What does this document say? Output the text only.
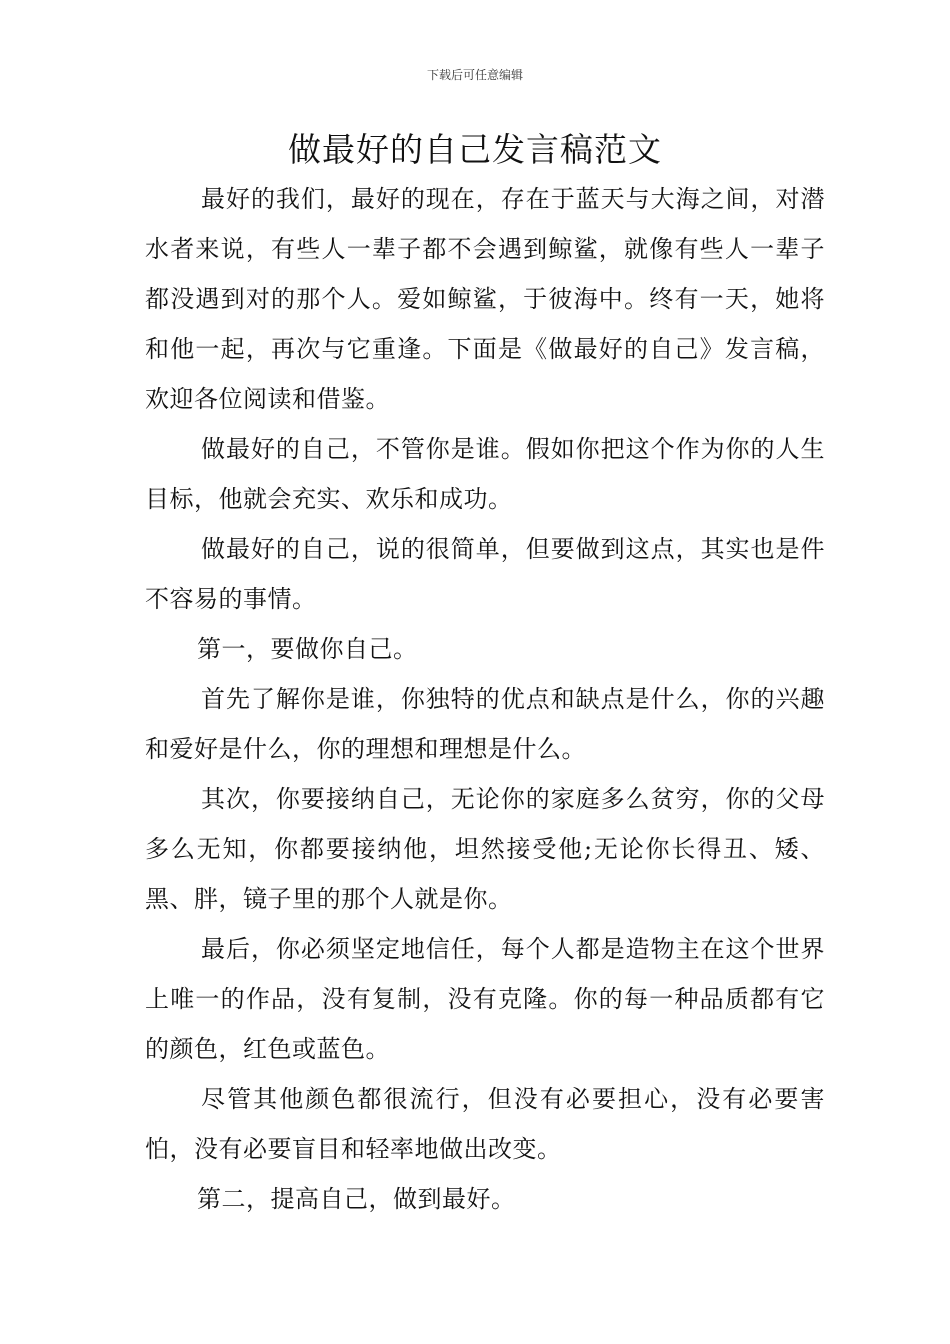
下载后可任意编辑
做最好的自己发言稿范文

最好的我们，最好的现在，存在于蓝天与大海之间，对潜水者来说，有些人一辈子都不会遇到鲸鲨，就像有些人一辈子都没遇到对的那个人。爱如鲸鲨，于彼海中。终有一天，她将和他一起，再次与它重逢。下面是《做最好的自己》发言稿，欢迎各位阅读和借鉴。

做最好的自己，不管你是谁。假如你把这个作为你的人生目标，他就会充实、欢乐和成功。

做最好的自己，说的很简单，但要做到这点，其实也是件不容易的事情。

第一，要做你自己。

首先了解你是谁，你独特的优点和缺点是什么，你的兴趣和爱好是什么，你的理想和理想是什么。

其次，你要接纳自己，无论你的家庭多么贫穷，你的父母多么无知，你都要接纳他，坦然接受他;无论你长得丑、矮、黑、胖，镜子里的那个人就是你。

最后，你必须坚定地信任，每个人都是造物主在这个世界上唯一的作品，没有复制，没有克隆。你的每一种品质都有它的颜色，红色或蓝色。

尽管其他颜色都很流行，但没有必要担心，没有必要害怕，没有必要盲目和轻率地做出改变。

第二，提高自己，做到最好。
